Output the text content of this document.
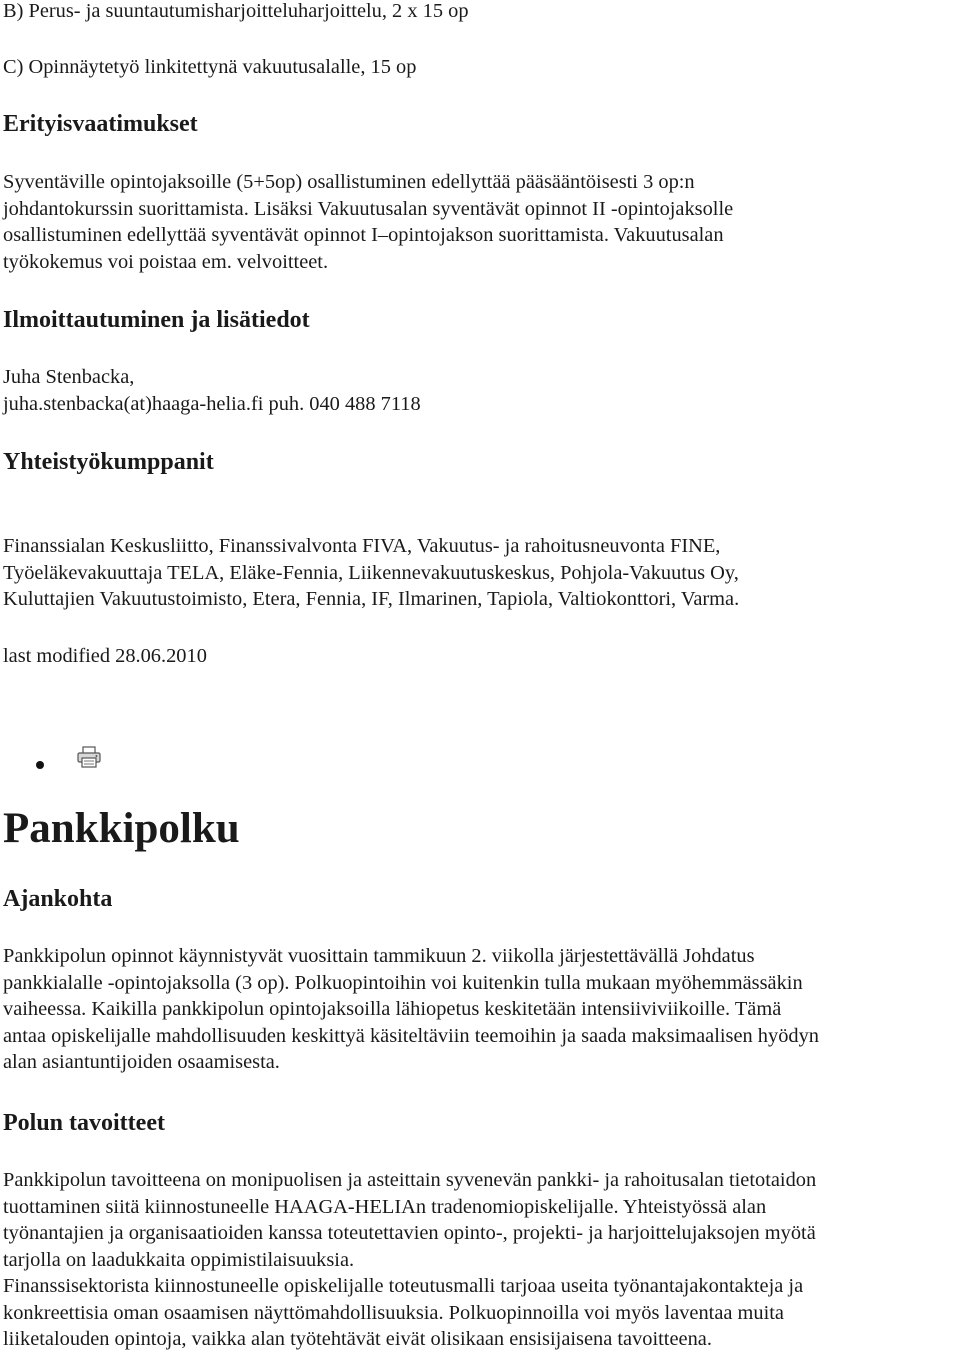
B) Perus- ja suuntautumisharjoitteluharjoittelu, 2 x 15 op

C) Opinnäytetyö linkitettynä vakuutusalalle, 15 op

Erityisvaatimukset
Syventäville opintojaksoille (5+5op) osallistuminen edellyttää pääsääntöisesti 3 op:n
johdantokurssin suorittamista. Lisäksi Vakuutusalan syventävät opinnot II -opintojaksolle
osallistuminen edellyttää syventävät opinnot I–opintojakson suorittamista. Vakuutusalan
työkokemus voi poistaa em. velvoitteet.
Ilmoittautuminen ja lisätiedot
Juha Stenbacka,
juha.stenbacka(at)haaga-helia.fi puh. 040 488 7118
Yhteistyökumppanit
Finanssialan Keskusliitto, Finanssivalvonta FIVA, Vakuutus- ja rahoitusneuvonta FINE,
Työeläkevakuuttaja TELA, Eläke-Fennia, Liikennevakuutuskeskus, Pohjola-Vakuutus Oy,
Kuluttajien Vakuutustoimisto, Etera, Fennia, IF, Ilmarinen, Tapiola, Valtiokonttori, Varma.

last modified 28.06.2010

Pankkipolku
Ajankohta
Pankkipolun opinnot käynnistyvät vuosittain tammikuun 2. viikolla järjestettävällä Johdatus
pankkialalle -opintojaksolla (3 op). Polkuopintoihin voi kuitenkin tulla mukaan myöhemmässäkin
vaiheessa. Kaikilla pankkipolun opintojaksoilla lähiopetus keskitetään intensiiviviikoille. Tämä
antaa opiskelijalle mahdollisuuden keskittyä käsiteltäviin teemoihin ja saada maksimaalisen hyödyn
alan asiantuntijoiden osaamisesta.
Polun tavoitteet
Pankkipolun tavoitteena on monipuolisen ja asteittain syvenevän pankki- ja rahoitusalan tietotaidon
tuottaminen siitä kiinnostuneelle HAAGA-HELIAn tradenomiopiskelijalle. Yhteistyössä alan
työnantajien ja organisaatioiden kanssa toteutettavien opinto-, projekti- ja harjoittelujaksojen myötä
tarjolla on laadukkaita oppimistilaisuuksia.
Finanssisektorista kiinnostuneelle opiskelijalle toteutusmalli tarjoaa useita työnantajakontakteja ja
konkreettisia oman osaamisen näyttömahdollisuuksia. Polkuopinnoilla voi myös laventaa muita
liiketalouden opintoja, vaikka alan työtehtävät eivät olisikaan ensisijaisena tavoitteena.
